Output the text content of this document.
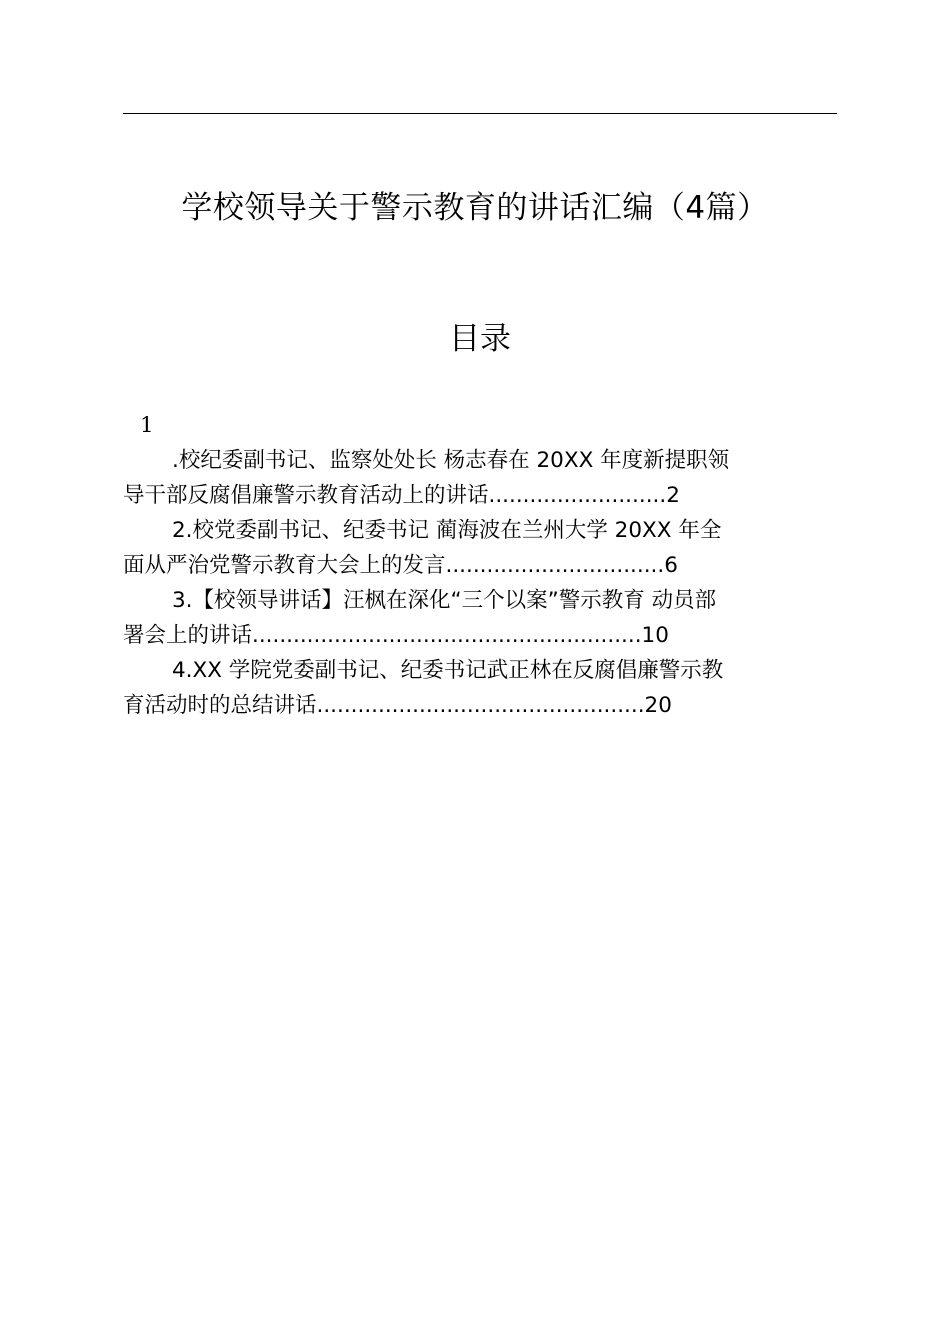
学校领导关于警示教育的讲话汇编（4篇）
目录
1
.校纪委副书记、监察处处长 杨志春在 20XX 年度新提职领
导干部反腐倡廉警示教育活动上的讲话..........................2
2.校党委副书记、纪委书记 蔺海波在兰州大学 20XX 年全
面从严治党警示教育大会上的发言................................6
3.【校领导讲话】汪枫在深化“三个以案”警示教育 动员部
署会上的讲话.........................................................10
4.XX 学院党委副书记、纪委书记武正林在反腐倡廉警示教
育活动时的总结讲话................................................20
